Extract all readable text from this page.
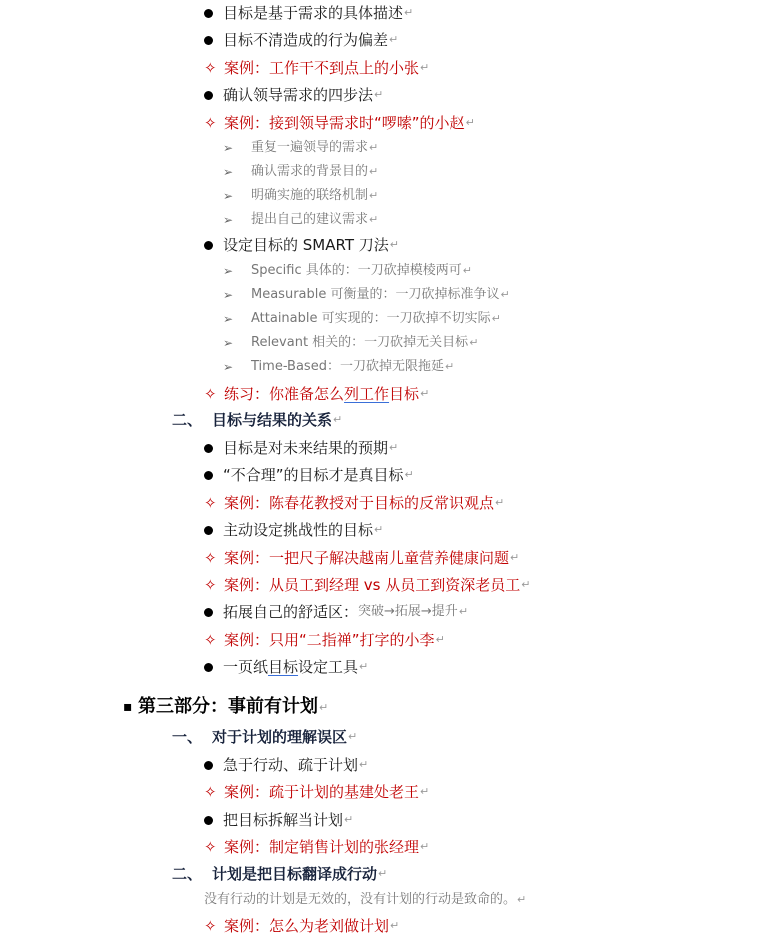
目标是基于需求的具体描述 ↵
目标不清造成的行为偏差 ↵
✧ 案例： 工作干不到点上的小张 ↵
确认领导需求的四步法 ↵
✧ 案例： 接到领导需求时“啰嗦”的小赵 ↵
➢	重复一遍领导的需求 ↵
➢	确认需求的背景目的 ↵
➢	明确实施的联络机制 ↵
➢	提出自己的建议需求 ↵
设定目标的 SMART 刀法 ↵
➢	Specific 具体的：一刀砍掉模棱两可 ↵
➢	Measurable 可衡量的：一刀砍掉标准争议 ↵
➢	Attainable 可实现的：一刀砍掉不切实际 ↵
➢	Relevant 相关的：一刀砍掉无关目标 ↵
➢	Time-Based：一刀砍掉无限拖延 ↵
✧ 练习： 你准备怎么 列工作 目标 ↵
二、 目标与结果的关系 ↵
目标是对未来结果的预期 ↵
“不合理”的目标才是真目标 ↵
✧ 案例： 陈春花教授对于目标的反常识观点 ↵
主动设定挑战性的目标 ↵
✧ 案例： 一把尺子解决越南儿童营养健康问题 ↵
✧ 案例： 从员工到经理 vs 从员工到资深老员工 ↵
拓展自己的舒适区： 突破→拓展→提升 ↵
✧ 案例： 只用“二指禅”打字的小李 ↵
一页纸 目标 设定工具 ↵
▪ 第三部分：事前有计划 ↵
一、 对于计划的理解误区 ↵
急于行动、疏于计划 ↵
✧ 案例： 疏于计划的基建处老王 ↵
把目标拆解当计划 ↵
✧ 案例： 制定销售计划的张经理 ↵
二、 计划是把目标翻译成行动 ↵
没有行动的计划是无效的，没有计划的行动是致命的。 ↵
✧ 案例： 怎么为老刘做计划 ↵
